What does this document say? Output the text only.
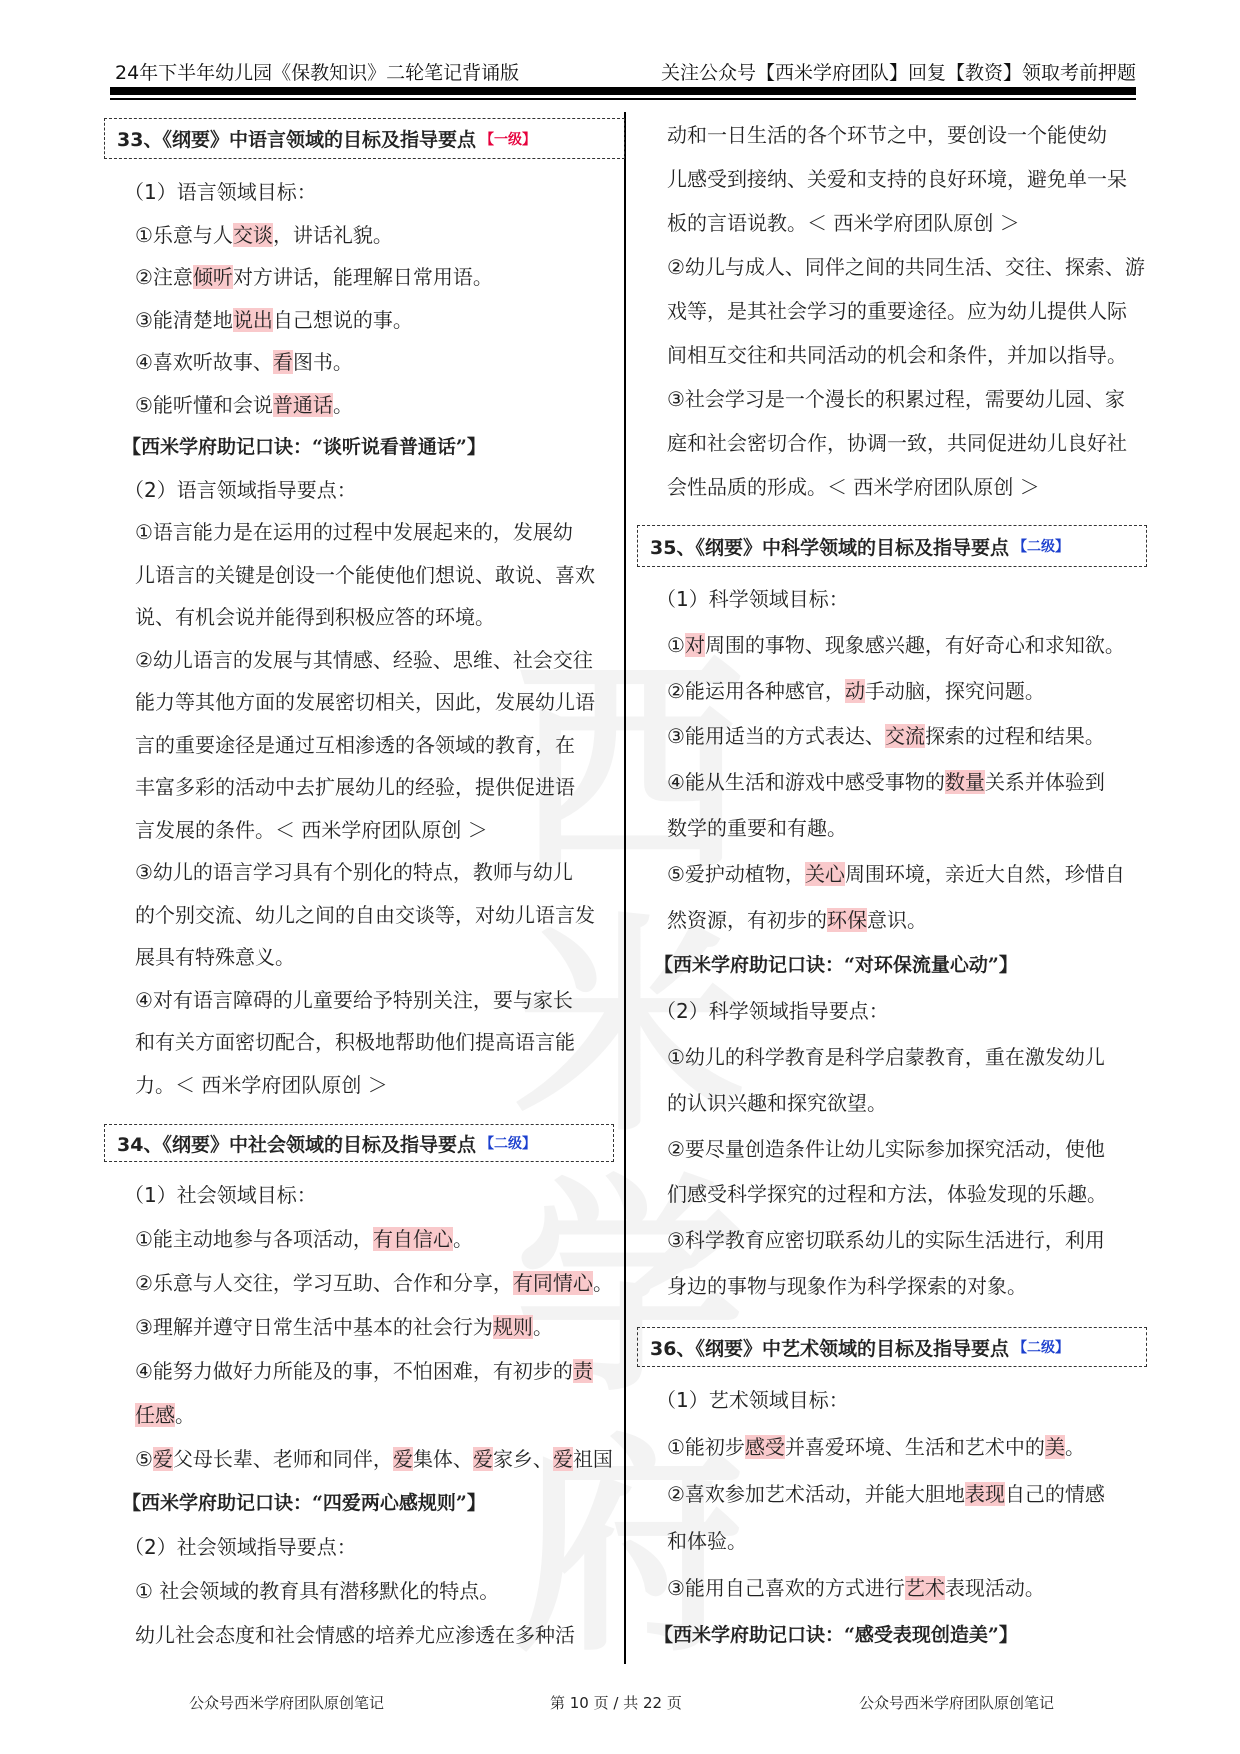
24年下半年幼儿园《保教知识》二轮笔记背诵版	关注公众号【西米学府团队】回复【教资】领取考前押题

33、《纲要》中语言领域的目标及指导要点 【一级】
（1）语言领域目标：
①乐意与人交谈，讲话礼貌。
②注意倾听对方讲话，能理解日常用语。
③能清楚地说出自己想说的事。
④喜欢听故事、看图书。
⑤能听懂和会说普通话。
【西米学府助记口诀：“谈听说看普通话”】
（2）语言领域指导要点：
①语言能力是在运用的过程中发展起来的，发展幼
儿语言的关键是创设一个能使他们想说、敢说、喜欢
说、有机会说并能得到积极应答的环境。
②幼儿语言的发展与其情感、经验、思维、社会交往
能力等其他方面的发展密切相关，因此，发展幼儿语
言的重要途径是通过互相渗透的各领域的教育，在
丰富多彩的活动中去扩展幼儿的经验，提供促进语
言发展的条件。＜ 西米学府团队原创 ＞
③幼儿的语言学习具有个别化的特点，教师与幼儿
的个别交流、幼儿之间的自由交谈等，对幼儿语言发
展具有特殊意义。
④对有语言障碍的儿童要给予特别关注，要与家长
和有关方面密切配合，积极地帮助他们提高语言能
力。＜ 西米学府团队原创 ＞
34、《纲要》中社会领域的目标及指导要点 【二级】
（1）社会领域目标：
①能主动地参与各项活动，有自信心。
②乐意与人交往，学习互助、合作和分享，有同情心。
③理解并遵守日常生活中基本的社会行为规则。
④能努力做好力所能及的事，不怕困难，有初步的责
任感。
⑤爱父母长辈、老师和同伴，爱集体、爱家乡、爱祖国
【西米学府助记口诀：“四爱两心感规则”】
（2）社会领域指导要点：
① 社会领域的教育具有潜移默化的特点。
幼儿社会态度和社会情感的培养尤应渗透在多种活
动和一日生活的各个环节之中，要创设一个能使幼
儿感受到接纳、关爱和支持的良好环境，避免单一呆
板的言语说教。＜ 西米学府团队原创 ＞
②幼儿与成人、同伴之间的共同生活、交往、探索、游
戏等，是其社会学习的重要途径。应为幼儿提供人际
间相互交往和共同活动的机会和条件，并加以指导。
③社会学习是一个漫长的积累过程，需要幼儿园、家
庭和社会密切合作，协调一致，共同促进幼儿良好社
会性品质的形成。＜ 西米学府团队原创 ＞
35、《纲要》中科学领域的目标及指导要点 【二级】
（1）科学领域目标：
①对周围的事物、现象感兴趣，有好奇心和求知欲。
②能运用各种感官，动手动脑，探究问题。
③能用适当的方式表达、交流探索的过程和结果。
④能从生活和游戏中感受事物的数量关系并体验到
数学的重要和有趣。
⑤爱护动植物，关心周围环境，亲近大自然，珍惜自
然资源，有初步的环保意识。
【西米学府助记口诀：“对环保流量心动”】
（2）科学领域指导要点：
①幼儿的科学教育是科学启蒙教育，重在激发幼儿
的认识兴趣和探究欲望。
②要尽量创造条件让幼儿实际参加探究活动，使他
们感受科学探究的过程和方法，体验发现的乐趣。
③科学教育应密切联系幼儿的实际生活进行，利用
身边的事物与现象作为科学探索的对象。
36、《纲要》中艺术领域的目标及指导要点 【二级】
（1）艺术领域目标：
①能初步感受并喜爱环境、生活和艺术中的美。
②喜欢参加艺术活动，并能大胆地表现自己的情感
和体验。
③能用自己喜欢的方式进行艺术表现活动。
【西米学府助记口诀：“感受表现创造美”】
公众号西米学府团队原创笔记	第 10 页 / 共 22 页	公众号西米学府团队原创笔记
